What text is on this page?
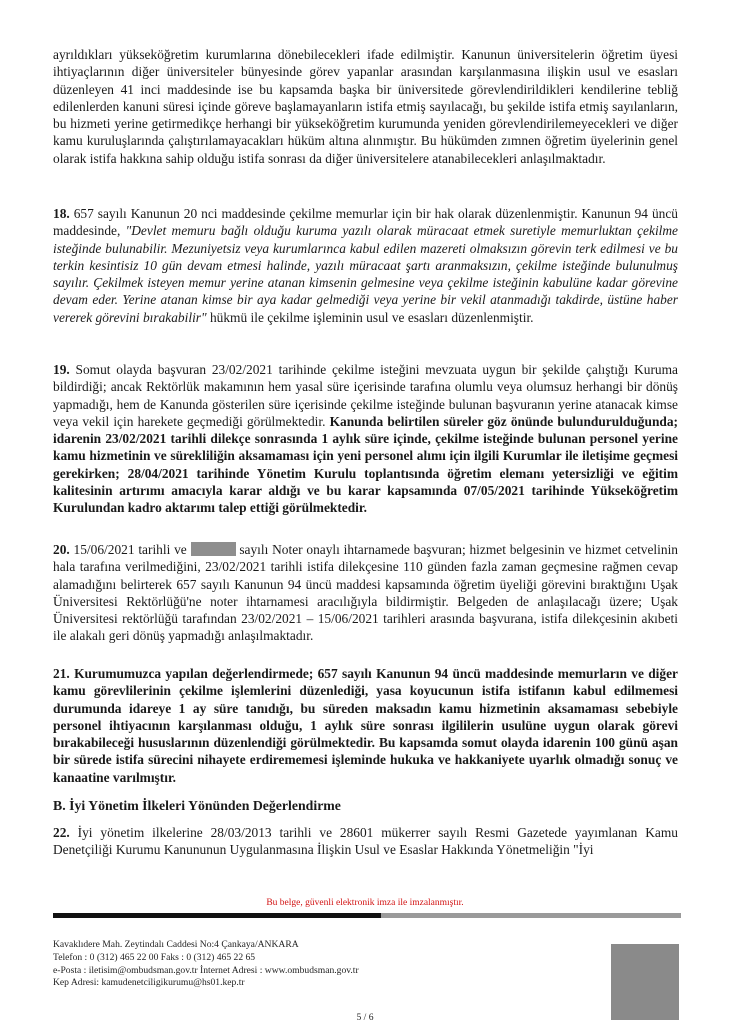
ayrıldıkları yükseköğretim kurumlarına dönebilecekleri ifade edilmiştir. Kanunun üniversitelerin öğretim üyesi ihtiyaçlarının diğer üniversiteler bünyesinde görev yapanlar arasından karşılanmasına ilişkin usul ve esasları düzenleyen 41 inci maddesinde ise bu kapsamda başka bir üniversitede görevlendirildikleri kendilerine tebliğ edilenlerden kanuni süresi içinde göreve başlamayanların istifa etmiş sayılacağı, bu şekilde istifa etmiş sayılanların, bu hizmeti yerine getirmedikçe herhangi bir yükseköğretim kurumunda yeniden görevlendirilemeyecekleri ve diğer kamu kuruluşlarında çalıştırılamayacakları hüküm altına alınmıştır. Bu hükümden zımnen öğretim üyelerinin genel olarak istifa hakkına sahip olduğu istifa sonrası da diğer üniversitelere atanabilecekleri anlaşılmaktadır.

18. 657 sayılı Kanunun 20 nci maddesinde çekilme memurlar için bir hak olarak düzenlenmiştir. Kanunun 94 üncü maddesinde, "Devlet memuru bağlı olduğu kuruma yazılı olarak müracaat etmek suretiyle memurluktan çekilme isteğinde bulunabilir. Mezuniyetsiz veya kurumlarınca kabul edilen mazereti olmaksızın görevin terk edilmesi ve bu terkin kesintisiz 10 gün devam etmesi halinde, yazılı müracaat şartı aranmaksızın, çekilme isteğinde bulunulmuş sayılır. Çekilmek isteyen memur yerine atanan kimsenin gelmesine veya çekilme isteğinin kabulüne kadar görevine devam eder. Yerine atanan kimse bir aya kadar gelmediği veya yerine bir vekil atanmadığı takdirde, üstüne haber vererek görevini bırakabilir" hükmü ile çekilme işleminin usul ve esasları düzenlenmiştir.

19. Somut olayda başvuran 23/02/2021 tarihinde çekilme isteğini mevzuata uygun bir şekilde çalıştığı Kuruma bildirdiği; ancak Rektörlük makamının hem yasal süre içerisinde tarafına olumlu veya olumsuz herhangi bir dönüş yapmadığı, hem de Kanunda gösterilen süre içerisinde çekilme isteğinde bulunan başvuranın yerine atanacak kimse veya vekil için harekete geçmediği görülmektedir. Kanunda belirtilen süreler göz önünde bulundurulduğunda; idarenin 23/02/2021 tarihli dilekçe sonrasında 1 aylık süre içinde, çekilme isteğinde bulunan personel yerine kamu hizmetinin ve sürekliliğin aksamaması için yeni personel alımı için ilgili Kurumlar ile iletişime geçmesi gerekirken; 28/04/2021 tarihinde Yönetim Kurulu toplantısında öğretim elemanı yetersizliği ve eğitim kalitesinin artırımı amacıyla karar aldığı ve bu karar kapsamında 07/05/2021 tarihinde Yükseköğretim Kurulundan kadro aktarımı talep ettiği görülmektedir.

20. 15/06/2021 tarihli ve	sayılı Noter onaylı ihtarnamede başvuran; hizmet belgesinin ve hizmet cetvelinin hala tarafına verilmediğini, 23/02/2021 tarihli istifa dilekçesine 110 günden fazla zaman geçmesine rağmen cevap alamadığını belirterek 657 sayılı Kanunun 94 üncü maddesi kapsamında öğretim üyeliği görevini bıraktığını Uşak Üniversitesi Rektörlüğü'ne noter ihtarnamesi aracılığıyla bildirmiştir. Belgeden de anlaşılacağı üzere; Uşak Üniversitesi rektörlüğü tarafından 23/02/2021 – 15/06/2021 tarihleri arasında başvurana, istifa dilekçesinin akıbeti ile alakalı geri dönüş yapmadığı anlaşılmaktadır.

21. Kurumumuzca yapılan değerlendirmede; 657 sayılı Kanunun 94 üncü maddesinde memurların ve diğer kamu görevlilerinin çekilme işlemlerini düzenlediği, yasa koyucunun istifa istifanın kabul edilmemesi durumunda idareye 1 ay süre tanıdığı, bu süreden maksadın kamu hizmetinin aksamaması sebebiyle personel ihtiyacının karşılanması olduğu, 1 aylık süre sonrası ilgililerin usulüne uygun olarak görevi bırakabileceği hususlarının düzenlendiği görülmektedir. Bu kapsamda somut olayda idarenin 100 günü aşan bir sürede istifa sürecini nihayete erdirememesi işleminde hukuka ve hakkaniyete uyarlık olmadığı sonuç ve kanaatine varılmıştır.

B. İyi Yönetim İlkeleri Yönünden Değerlendirme

22. İyi yönetim ilkelerine 28/03/2013 tarihli ve 28601 mükerrer sayılı Resmi Gazetede yayımlanan Kamu Denetçiliği Kurumu Kanununun Uygulanmasına İlişkin Usul ve Esaslar Hakkında Yönetmeliğin "İyi

Bu belge, güvenli elektronik imza ile imzalanmıştır.
Kavaklıdere Mah. Zeytindalı Caddesi No:4 Çankaya/ANKARA
Telefon : 0 (312) 465 22 00 Faks : 0 (312) 465 22 65
e-Posta : iletisim@ombudsman.gov.tr İnternet Adresi : www.ombudsman.gov.tr
Kep Adresi: kamudenetciligikurumu@hs01.kep.tr
5 / 6
